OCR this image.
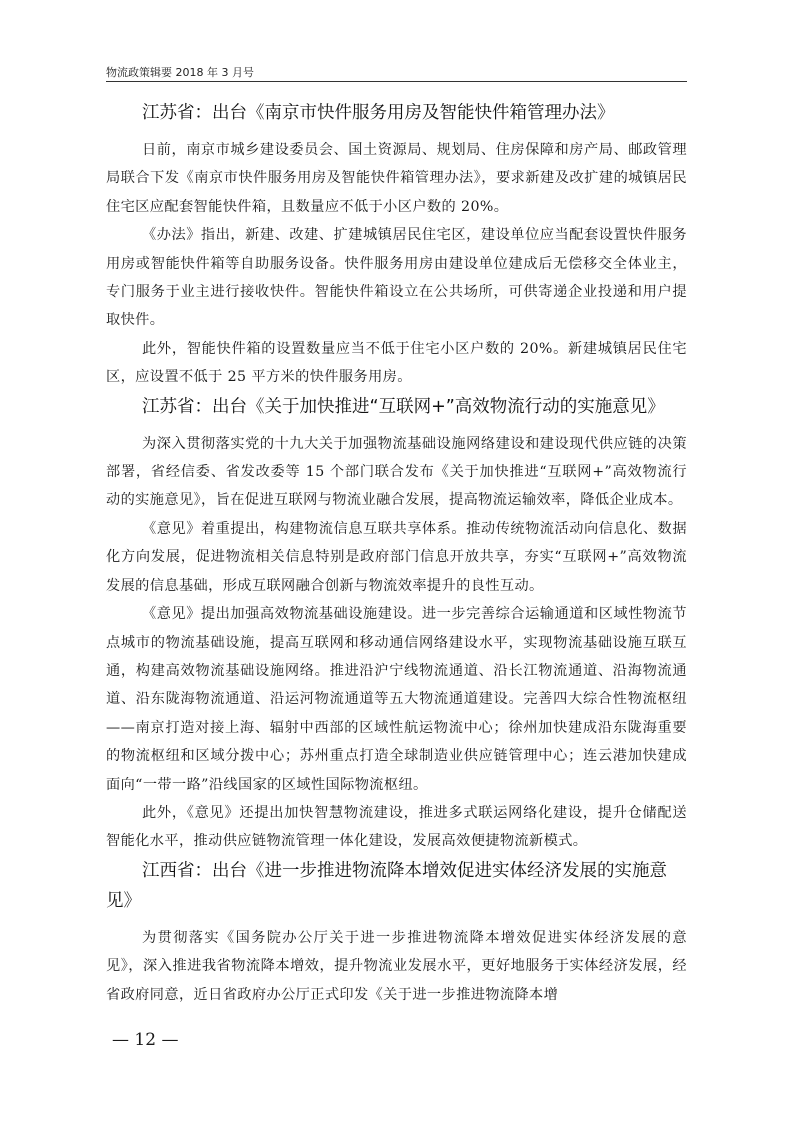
物流政策辑要 2018 年 3 月号
江苏省：出台《南京市快件服务用房及智能快件箱管理办法》

日前，南京市城乡建设委员会、国土资源局、规划局、住房保障和房产局、邮政管理局联合下发《南京市快件服务用房及智能快件箱管理办法》，要求新建及改扩建的城镇居民住宅区应配套智能快件箱，且数量应不低于小区户数的 20%。

《办法》指出，新建、改建、扩建城镇居民住宅区，建设单位应当配套设置快件服务用房或智能快件箱等自助服务设备。快件服务用房由建设单位建成后无偿移交全体业主，专门服务于业主进行接收快件。智能快件箱设立在公共场所，可供寄递企业投递和用户提取快件。

此外，智能快件箱的设置数量应当不低于住宅小区户数的 20%。新建城镇居民住宅区，应设置不低于 25 平方米的快件服务用房。

江苏省：出台《关于加快推进“互联网+”高效物流行动的实施意见》

为深入贯彻落实党的十九大关于加强物流基础设施网络建设和建设现代供应链的决策部署，省经信委、省发改委等 15 个部门联合发布《关于加快推进“互联网+”高效物流行动的实施意见》，旨在促进互联网与物流业融合发展，提高物流运输效率，降低企业成本。

《意见》着重提出，构建物流信息互联共享体系。推动传统物流活动向信息化、数据化方向发展，促进物流相关信息特别是政府部门信息开放共享，夯实“互联网+”高效物流发展的信息基础，形成互联网融合创新与物流效率提升的良性互动。

《意见》提出加强高效物流基础设施建设。进一步完善综合运输通道和区域性物流节点城市的物流基础设施，提高互联网和移动通信网络建设水平，实现物流基础设施互联互通，构建高效物流基础设施网络。推进沿沪宁线物流通道、沿长江物流通道、沿海物流通道、沿东陇海物流通道、沿运河物流通道等五大物流通道建设。完善四大综合性物流枢纽——南京打造对接上海、辐射中西部的区域性航运物流中心；徐州加快建成沿东陇海重要的物流枢纽和区域分拨中心；苏州重点打造全球制造业供应链管理中心；连云港加快建成面向“一带一路”沿线国家的区域性国际物流枢纽。

此外，《意见》还提出加快智慧物流建设，推进多式联运网络化建设，提升仓储配送智能化水平，推动供应链物流管理一体化建设，发展高效便捷物流新模式。

江西省：出台《进一步推进物流降本增效促进实体经济发展的实施意见》

为贯彻落实《国务院办公厅关于进一步推进物流降本增效促进实体经济发展的意见》，深入推进我省物流降本增效，提升物流业发展水平，更好地服务于实体经济发展，经省政府同意，近日省政府办公厅正式印发《关于进一步推进物流降本增

— 12 —
